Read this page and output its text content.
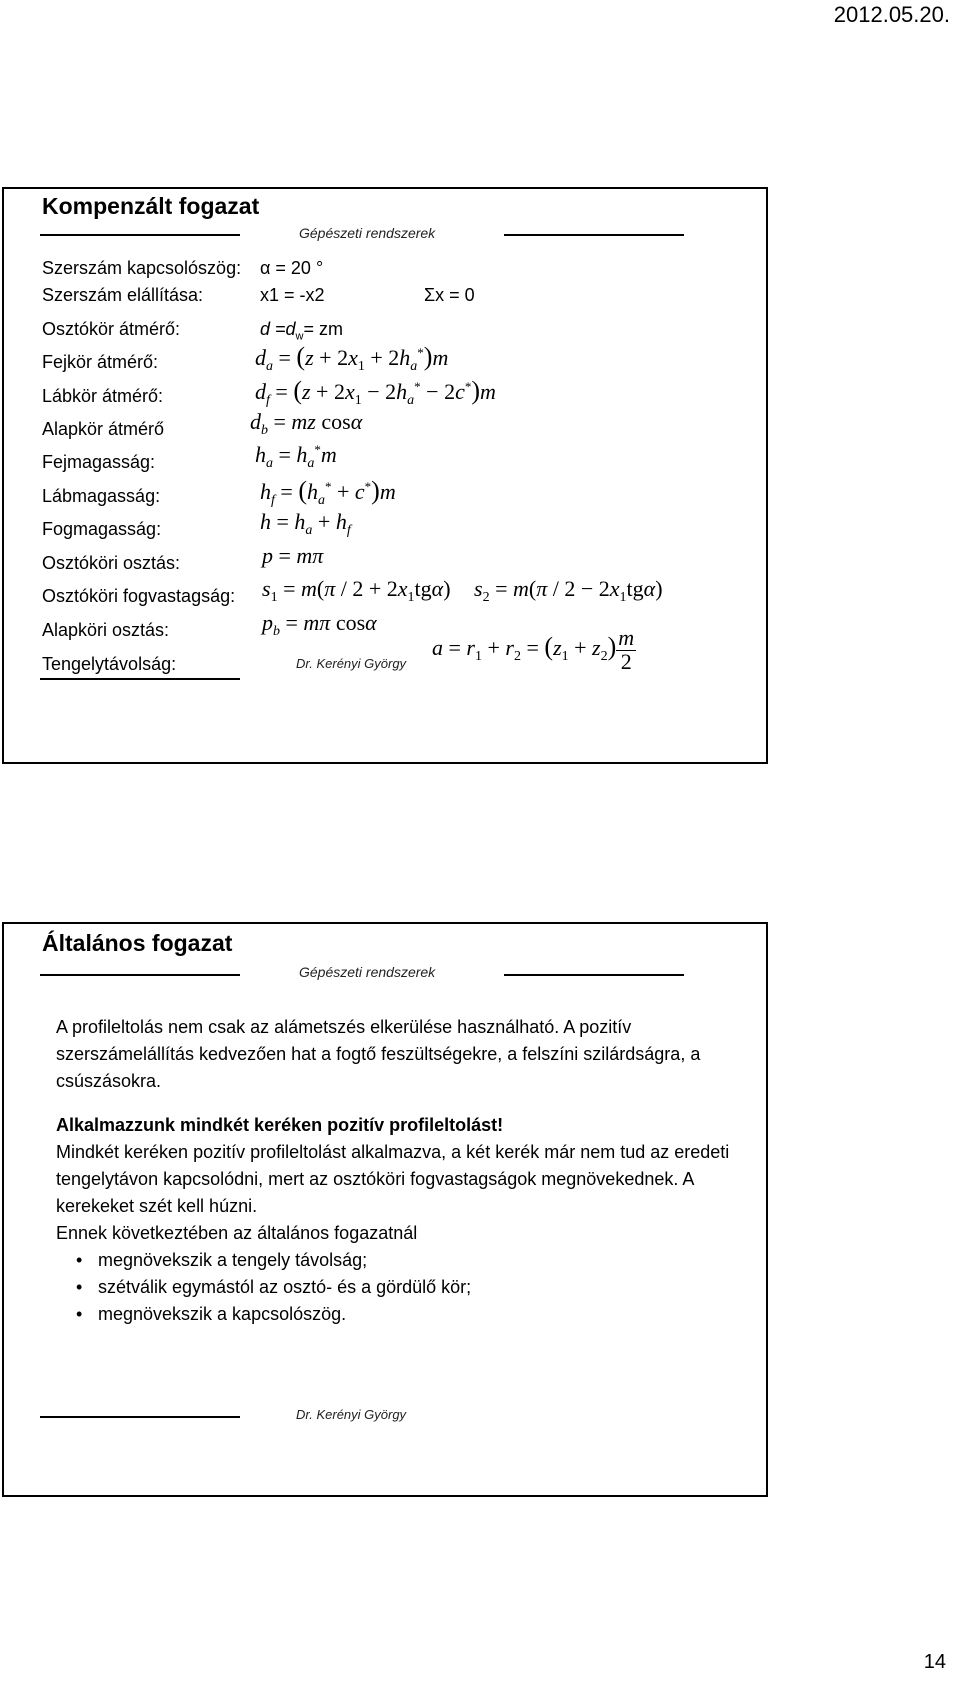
2012.05.20.
Kompenzált fogazat
Gépészeti rendszerek
Szerszám kapcsolószög:
Szerszám elállítása:
Osztókör átmérő:
Fejkör átmérő:
Lábkör átmérő:
Alapkör átmérő
Fejmagasság:
Lábmagasság:
Fogmagasság:
Osztóköri osztás:
Osztóköri fogvastagság:
Alapköri osztás:
Tengelytávolság:
α = 20 °
x1 = -x2	Σx = 0
$d =d_w=$ zm
$d_a = (z + 2x_1 + 2h_a^*)m$
$d_f = (z + 2x_1 - 2h_a^* - 2c^*)m$
$d_b$ = mz cosα
$h_a = h_a^*m$
$h_f = (h_a^* + c^*)m$
$h = h_a + h_f$
p = mπ
$s_1 = m(\pi / 2 + 2x_1tg\alpha) s_2 = m(\pi / 2 - 2x_1tg\alpha)$
$p_b = m\pi$ cosα
$a = r_1 + r_2 = (z_1 + z_2) \frac{m}{2}$
Dr. Kerényi György
Általános fogazat
Gépészeti rendszerek

A profileltolás nem csak az alámetszés elkerülése használható. A pozitív szerszámelállítás kedvezően hat a fogtő feszültségekre, a felszíni szilárdságra, a csúszásokra.

Alkalmazzunk mindkét keréken pozitív profileltolást!

Mindkét keréken pozitív profileltolást alkalmazva, a két kerék már nem tud az eredeti tengelytávon kapcsolódni, mert az osztóköri fogvastagságok megnövekednek. A kerekeket szét kell húzni.

Ennek következtében az általános fogazatnál

• megnövekszik a tengely távolság;

• szétválik egymástól az osztó- és a gördülő kör;

• megnövekszik a kapcsolószög.

Dr. Kerényi György
14
